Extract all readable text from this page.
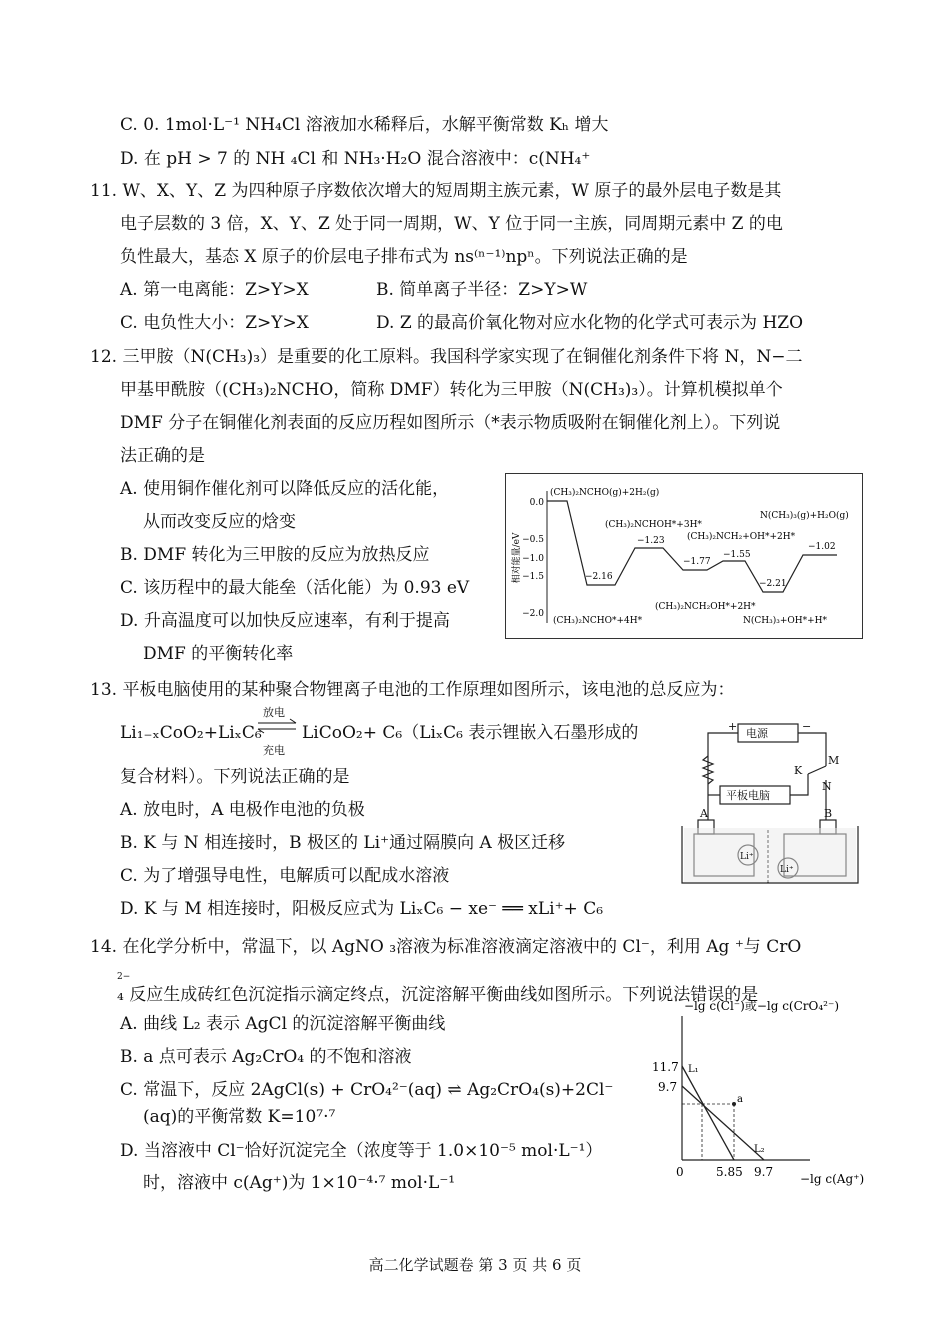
C. 0. 1mol·L⁻¹ NH₄Cl 溶液加水稀释后，水解平衡常数 Kₕ 增大
D. 在 pH > 7 的 NH ₄Cl 和 NH₃·H₂O 混合溶液中：c(NH₄⁺
11. W、X、Y、Z 为四种原子序数依次增大的短周期主族元素，W 原子的最外层电子数是其
电子层数的 3 倍，X、Y、Z 处于同一周期，W、Y 位于同一主族，同周期元素中 Z 的电
负性最大，基态 X 原子的价层电子排布式为 ns⁽ⁿ⁻¹⁾npⁿ。下列说法正确的是
A. 第一电离能：Z>Y>X	B. 简单离子半径：Z>Y>W
C. 电负性大小：Z>Y>X	D. Z 的最高价氧化物对应水化物的化学式可表示为 HZO
12. 三甲胺（N(CH₃)₃）是重要的化工原料。我国科学家实现了在铜催化剂条件下将 N，N−二
甲基甲酰胺（(CH₃)₂NCHO，简称 DMF）转化为三甲胺（N(CH₃)₃）。计算机模拟单个
DMF 分子在铜催化剂表面的反应历程如图所示（*表示物质吸附在铜催化剂上）。下列说
法正确的是
A. 使用铜作催化剂可以降低反应的活化能，
从而改变反应的焓变
B. DMF 转化为三甲胺的反应为放热反应
C. 该历程中的最大能垒（活化能）为 0.93 eV
D. 升高温度可以加快反应速率，有利于提高
DMF 的平衡转化率
0.0
−0.5
−1.0
−1.5
−2.0
相对能量/eV
(CH₃)₂NCHO(g)+2H₂(g)
(CH₃)₂NCHOH*+3H*
(CH₃)₂NCH₂+OH*+2H*
N(CH₃)₃(g)+H₂O(g)
(CH₃)₂NCHO*+4H*
(CH₃)₂NCH₂OH*+2H*
N(CH₃)₃+OH*+H*
−2.16
−1.23
−1.77
−1.55
−2.21
−1.02
13. 平板电脑使用的某种聚合物锂离子电池的工作原理如图所示，该电池的总反应为：
Li₁₋ₓCoO₂+LiₓC₆
放电
充电
LiCoO₂+ C₆（LiₓC₆ 表示锂嵌入石墨形成的
复合材料）。下列说法正确的是
A. 放电时，A 电极作电池的负极
B. K 与 N 相连接时，B 极区的 Li⁺通过隔膜向 A 极区迁移
C. 为了增强导电性，电解质可以配成水溶液
D. K 与 M 相连接时，阳极反应式为 LiₓC₆ − xe⁻ ══ xLi⁺+ C₆
电源
+	−
M
K
N
平板电脑
A	B
Li⁺
Li⁺
14. 在化学分析中，常温下，以 AgNO ₃溶液为标准溶液滴定溶液中的 Cl⁻，利用 Ag ⁺与 CrO
2−
₄ 反应生成砖红色沉淀指示滴定终点，沉淀溶解平衡曲线如图所示。下列说法错误的是
A. 曲线 L₂ 表示 AgCl 的沉淀溶解平衡曲线
B. a 点可表示 Ag₂CrO₄ 的不饱和溶液
C. 常温下，反应 2AgCl(s) + CrO₄²⁻(aq) ⇌ Ag₂CrO₄(s)+2Cl⁻
(aq)的平衡常数 K=10⁷·⁷
D. 当溶液中 Cl⁻恰好沉淀完全（浓度等于 1.0×10⁻⁵ mol·L⁻¹）
时，溶液中 c(Ag⁺)为 1×10⁻⁴·⁷ mol·L⁻¹
−lg c(Cl⁻)或−lg c(CrO₄²⁻)
−lg c(Ag⁺)
11.7
9.7
0	5.85 9.7
a
L₁
L₂
高二化学试题卷 第 3 页 共 6 页
